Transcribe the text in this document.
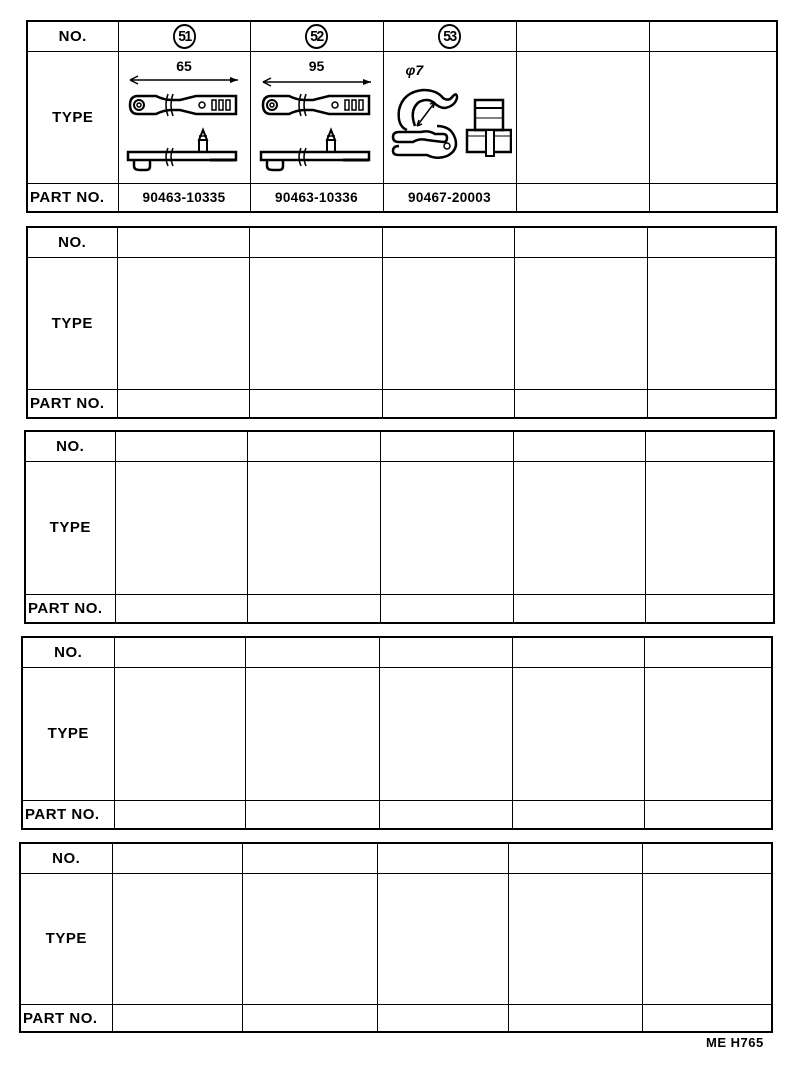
NO.	51	52	53		
TYPE	65	95	φ7		

PART NO.	90463-10335	90463-10336	90467-20003		
NO.					
TYPE					
PART NO.					
NO.					
TYPE					
PART NO.					
NO.					
TYPE					
PART NO.					
NO.					
TYPE					
PART NO.					
ME H765
